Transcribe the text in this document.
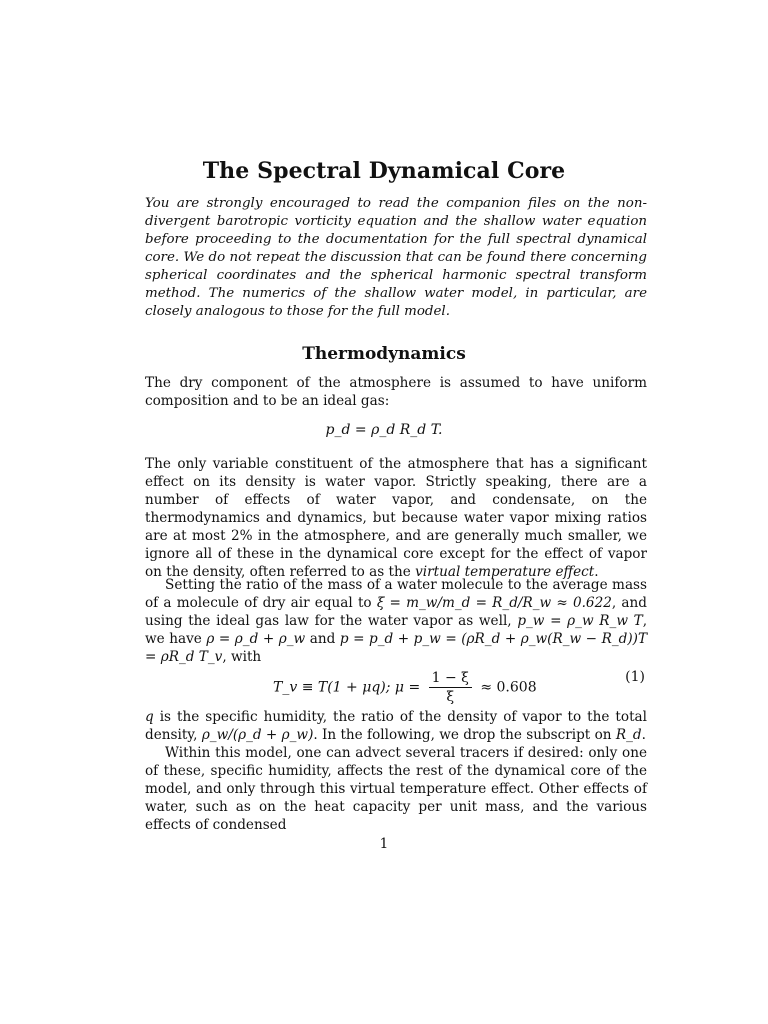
The Spectral Dynamical Core
You are strongly encouraged to read the companion files on the non-divergent barotropic vorticity equation and the shallow water equation before proceeding to the documentation for the full spectral dynamical core. We do not repeat the discussion that can be found there concerning spherical coordinates and the spherical harmonic spectral transform method. The numerics of the shallow water model, in particular, are closely analogous to those for the full model.
Thermodynamics
The dry component of the atmosphere is assumed to have uniform composition and to be an ideal gas:
p_d = ρ_d R_d T.
The only variable constituent of the atmosphere that has a significant effect on its density is water vapor. Strictly speaking, there are a number of effects of water vapor, and condensate, on the thermodynamics and dynamics, but because water vapor mixing ratios are at most 2% in the atmosphere, and are generally much smaller, we ignore all of these in the dynamical core except for the effect of vapor on the density, often referred to as the virtual temperature effect.
Setting the ratio of the mass of a water molecule to the average mass of a molecule of dry air equal to ξ = m_w/m_d = R_d/R_w ≈ 0.622, and using the ideal gas law for the water vapor as well, p_w = ρ_w R_w T, we have ρ = ρ_d + ρ_w and p = p_d + p_w = (ρR_d + ρ_w(R_w − R_d))T = ρR_d T_v, with
T_v ≡ T(1 + μq); $\mu = \frac{1 - \xi}{\xi} \approx 0.608$
(1)
q is the specific humidity, the ratio of the density of vapor to the total density, ρ_w/(ρ_d + ρ_w). In the following, we drop the subscript on R_d.
Within this model, one can advect several tracers if desired: only one of these, specific humidity, affects the rest of the dynamical core of the model, and only through this virtual temperature effect. Other effects of water, such as on the heat capacity per unit mass, and the various effects of condensed
1
